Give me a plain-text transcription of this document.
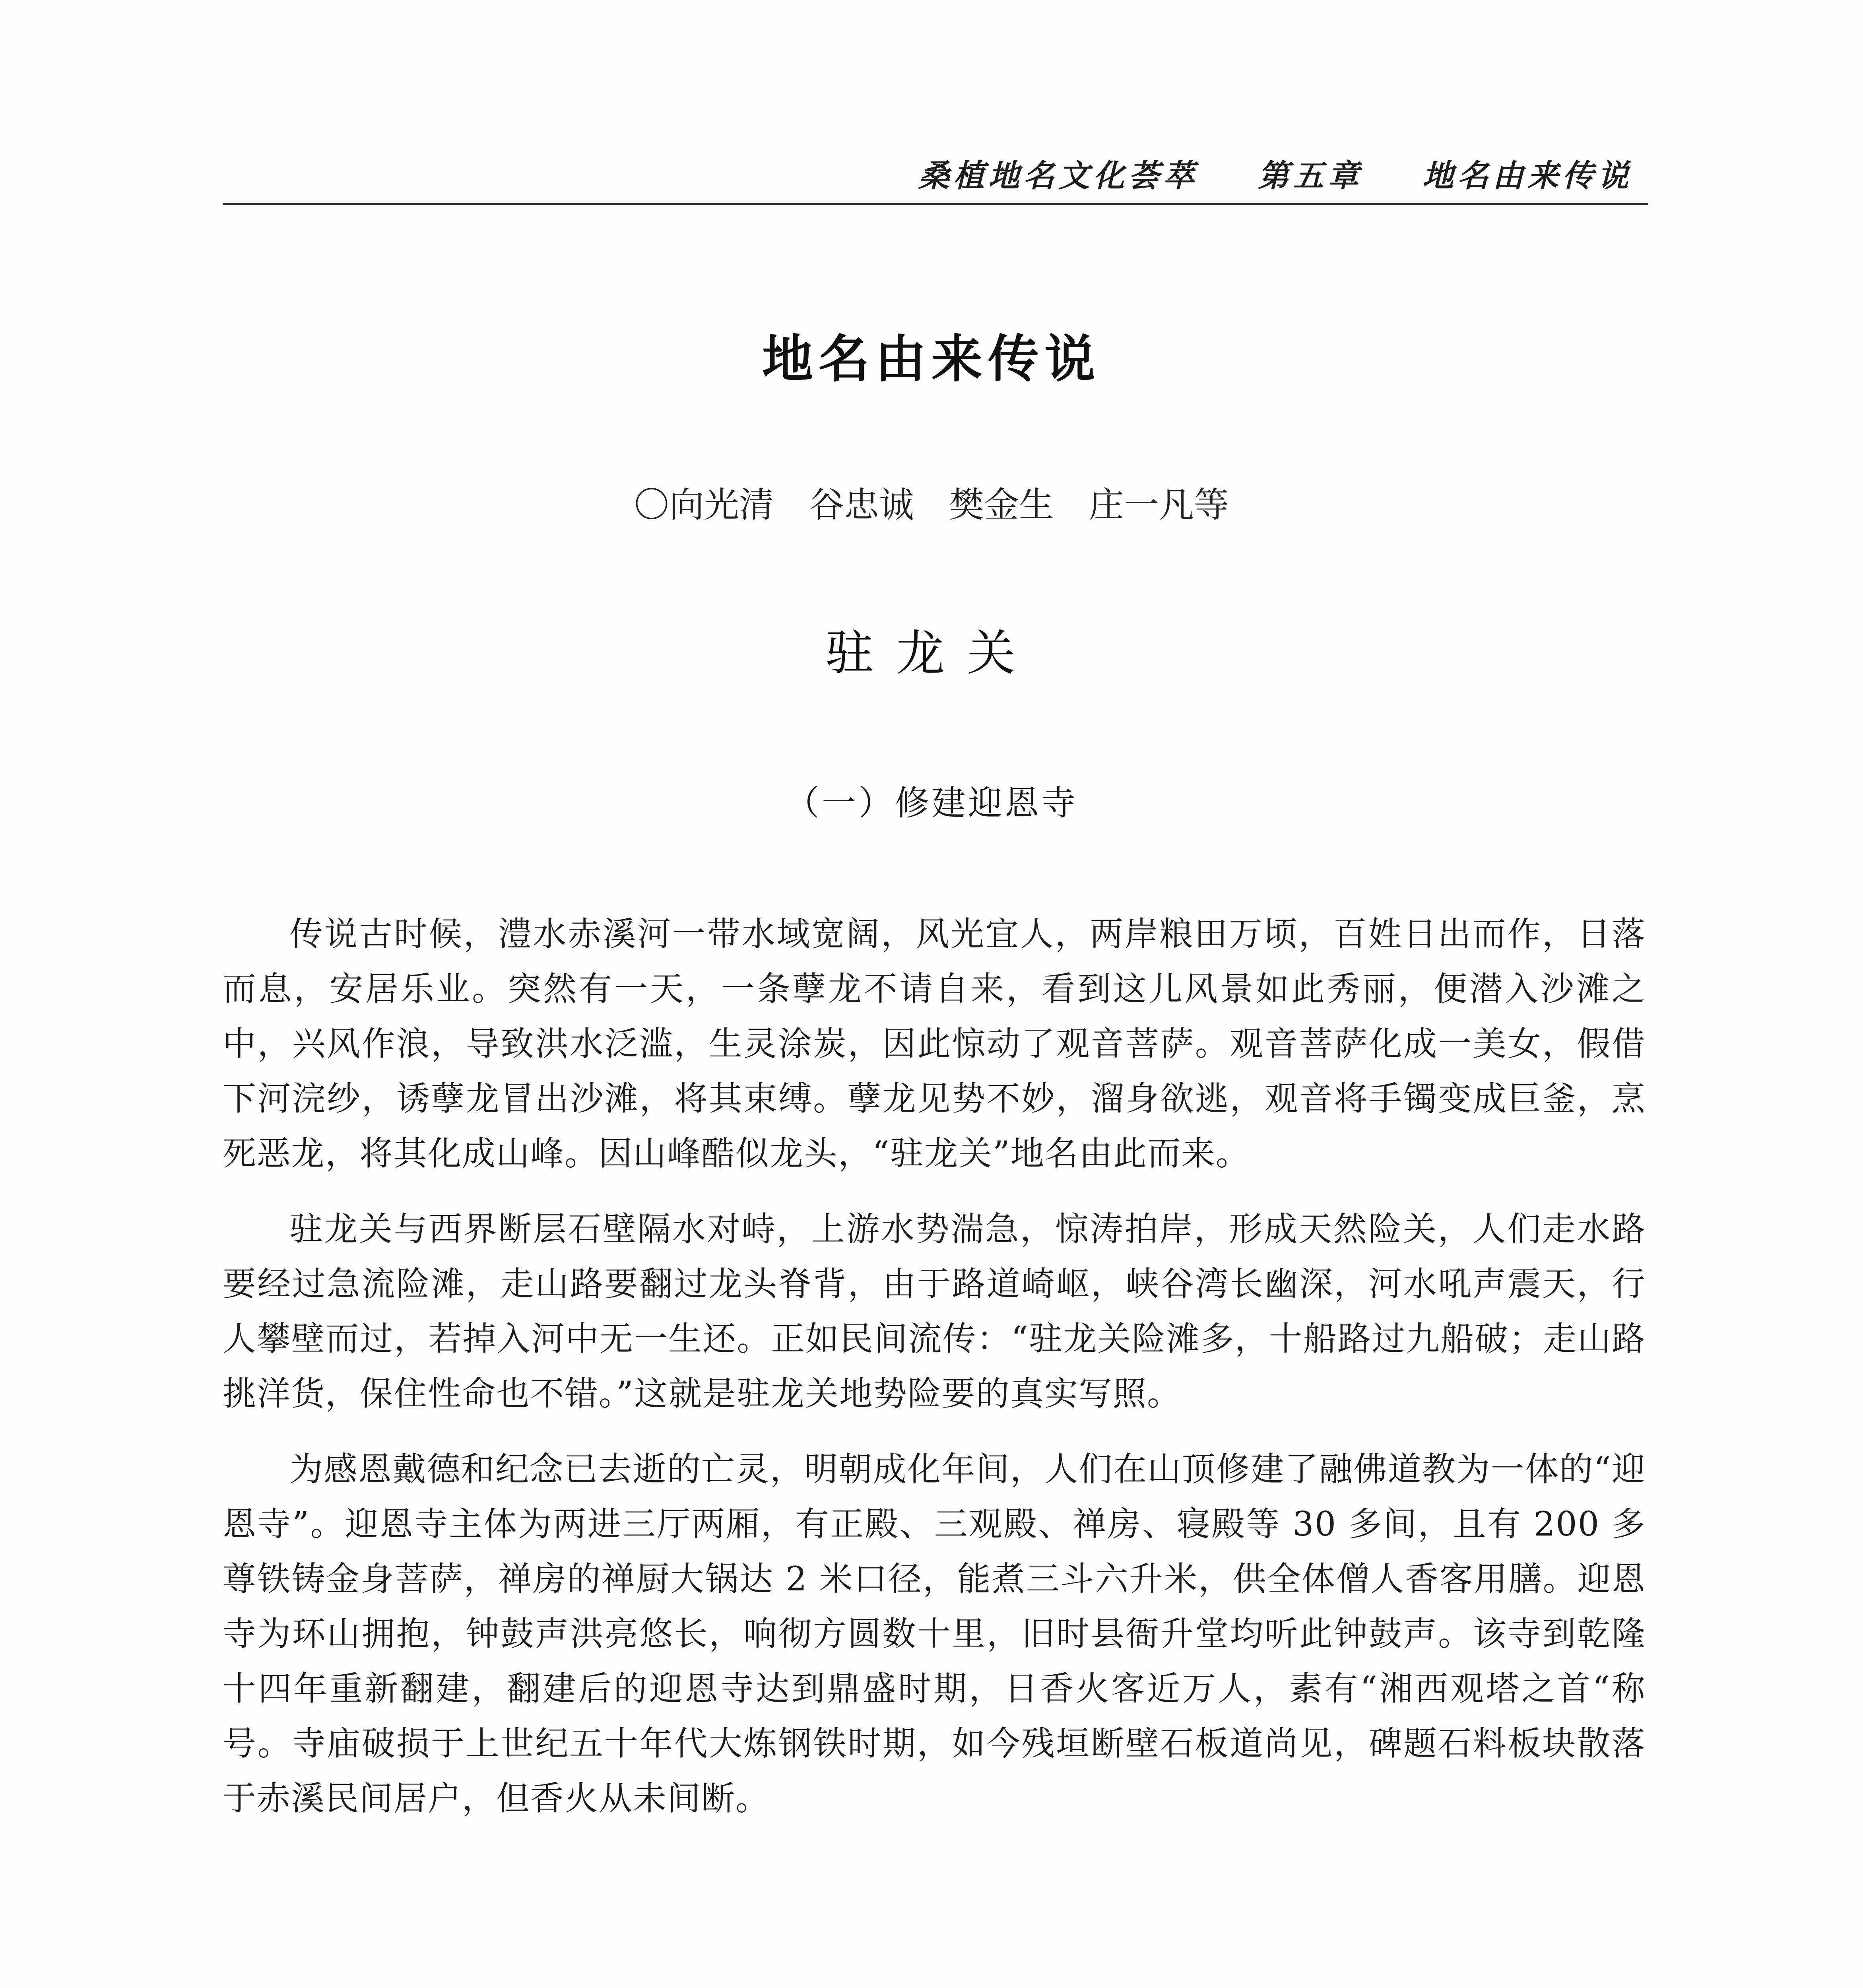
桑植地名文化荟萃 第五章 地名由来传说
地名由来传说
〇向光清　谷忠诚　樊金生　庄一凡等
驻龙关
（一）修建迎恩寺

传说古时候，澧水赤溪河一带水域宽阔，风光宜人，两岸粮田万顷，百姓日出而作，日落而息，安居乐业。突然有一天，一条孽龙不请自来，看到这儿风景如此秀丽，便潜入沙滩之中，兴风作浪，导致洪水泛滥，生灵涂炭，因此惊动了观音菩萨。观音菩萨化成一美女，假借下河浣纱，诱孽龙冒出沙滩，将其束缚。孽龙见势不妙，溜身欲逃，观音将手镯变成巨釜，烹死恶龙，将其化成山峰。因山峰酷似龙头，“驻龙关”地名由此而来。

驻龙关与西界断层石壁隔水对峙，上游水势湍急，惊涛拍岸，形成天然险关，人们走水路要经过急流险滩，走山路要翻过龙头脊背，由于路道崎岖，峡谷湾长幽深，河水吼声震天，行人攀壁而过，若掉入河中无一生还。正如民间流传：“驻龙关险滩多，十船路过九船破；走山路挑洋货，保住性命也不错。”这就是驻龙关地势险要的真实写照。

为感恩戴德和纪念已去逝的亡灵，明朝成化年间，人们在山顶修建了融佛道教为一体的“迎恩寺”。迎恩寺主体为两进三厅两厢，有正殿、三观殿、禅房、寝殿等 30 多间，且有 200 多尊铁铸金身菩萨，禅房的禅厨大锅达 2 米口径，能煮三斗六升米，供全体僧人香客用膳。迎恩寺为环山拥抱，钟鼓声洪亮悠长，响彻方圆数十里，旧时县衙升堂均听此钟鼓声。该寺到乾隆十四年重新翻建，翻建后的迎恩寺达到鼎盛时期，日香火客近万人，素有“湘西观塔之首“称号。寺庙破损于上世纪五十年代大炼钢铁时期，如今残垣断壁石板道尚见，碑题石料板块散落于赤溪民间居户，但香火从未间断。
